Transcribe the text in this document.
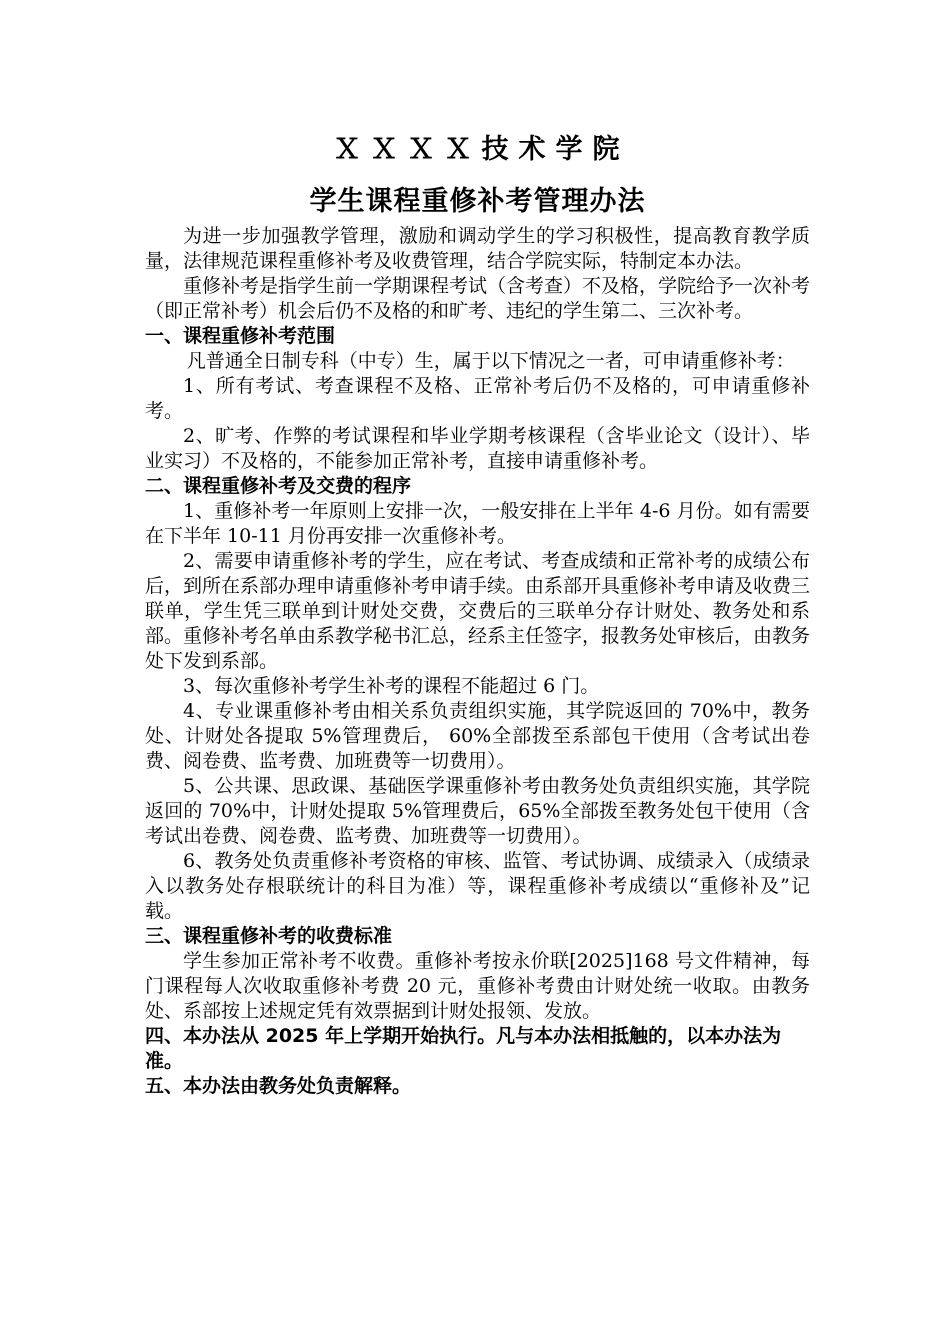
ＸＸＸＸ技术学院
学生课程重修补考管理办法

为进一步加强教学管理，激励和调动学生的学习积极性，提高教育教学质量，法律规范课程重修补考及收费管理，结合学院实际，特制定本办法。

重修补考是指学生前一学期课程考试（含考查）不及格，学院给予一次补考（即正常补考）机会后仍不及格的和旷考、违纪的学生第二、三次补考。

一、课程重修补考范围

凡普通全日制专科（中专）生，属于以下情况之一者，可申请重修补考：

1、所有考试、考查课程不及格、正常补考后仍不及格的，可申请重修补考。

2、旷考、作弊的考试课程和毕业学期考核课程（含毕业论文（设计）、毕业实习）不及格的，不能参加正常补考，直接申请重修补考。

二、课程重修补考及交费的程序

1、重修补考一年原则上安排一次，一般安排在上半年 4-6 月份。如有需要在下半年 10-11 月份再安排一次重修补考。

2、需要申请重修补考的学生，应在考试、考查成绩和正常补考的成绩公布后，到所在系部办理申请重修补考申请手续。由系部开具重修补考申请及收费三联单，学生凭三联单到计财处交费，交费后的三联单分存计财处、教务处和系部。重修补考名单由系教学秘书汇总，经系主任签字，报教务处审核后，由教务处下发到系部。

3、每次重修补考学生补考的课程不能超过 6 门。

4、专业课重修补考由相关系负责组织实施，其学院返回的 70%中，教务处、计财处各提取 5%管理费后， 60%全部拨至系部包干使用（含考试出卷费、阅卷费、监考费、加班费等一切费用）。

5、公共课、思政课、基础医学课重修补考由教务处负责组织实施，其学院返回的 70%中，计财处提取 5%管理费后，65%全部拨至教务处包干使用（含考试出卷费、阅卷费、监考费、加班费等一切费用）。

6、教务处负责重修补考资格的审核、监管、考试协调、成绩录入（成绩录入以教务处存根联统计的科目为准）等，课程重修补考成绩以“重修补及”记载。

三、课程重修补考的收费标准

学生参加正常补考不收费。重修补考按永价联[2025]168 号文件精神，每门课程每人次收取重修补考费 20 元，重修补考费由计财处统一收取。由教务处、系部按上述规定凭有效票据到计财处报领、发放。

四、本办法从 2025 年上学期开始执行。凡与本办法相抵触的，以本办法为准。
五、本办法由教务处负责解释。
